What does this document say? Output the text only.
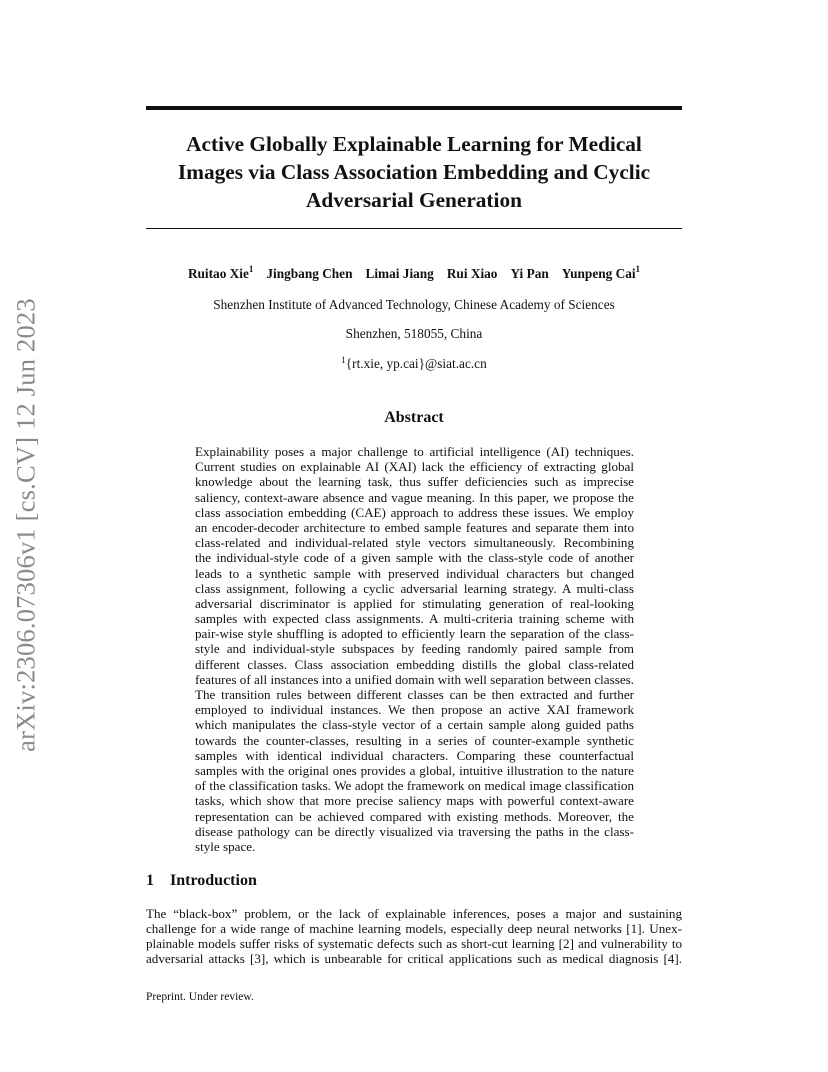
arXiv:2306.07306v1 [cs.CV] 12 Jun 2023
Active Globally Explainable Learning for Medical
Images via Class Association Embedding and Cyclic
Adversarial Generation
Ruitao Xie$^1$ Jingbang Chen Limai Jiang Rui Xiao Yi Pan Yunpeng Cai$^1$
Shenzhen Institute of Advanced Technology, Chinese Academy of Sciences
Shenzhen, 518055, China
$^1${rt.xie, yp.cai}@siat.ac.cn
Abstract
Explainability poses a major challenge to artificial intelligence (AI) techniques.
Current studies on explainable AI (XAI) lack the efficiency of extracting global
knowledge about the learning task, thus suffer deficiencies such as imprecise
saliency, context-aware absence and vague meaning. In this paper, we propose the
class association embedding (CAE) approach to address these issues. We employ
an encoder-decoder architecture to embed sample features and separate them into
class-related and individual-related style vectors simultaneously. Recombining
the individual-style code of a given sample with the class-style code of another
leads to a synthetic sample with preserved individual characters but changed
class assignment, following a cyclic adversarial learning strategy. A multi-class
adversarial discriminator is applied for stimulating generation of real-looking
samples with expected class assignments. A multi-criteria training scheme with
pair-wise style shuffling is adopted to efficiently learn the separation of the class-
style and individual-style subspaces by feeding randomly paired sample from
different classes. Class association embedding distills the global class-related
features of all instances into a unified domain with well separation between classes.
The transition rules between different classes can be then extracted and further
employed to individual instances. We then propose an active XAI framework
which manipulates the class-style vector of a certain sample along guided paths
towards the counter-classes, resulting in a series of counter-example synthetic
samples with identical individual characters. Comparing these counterfactual
samples with the original ones provides a global, intuitive illustration to the nature
of the classification tasks. We adopt the framework on medical image classification
tasks, which show that more precise saliency maps with powerful context-aware
representation can be achieved compared with existing methods. Moreover, the
disease pathology can be directly visualized via traversing the paths in the class-
style space.
1 Introduction
The “black-box” problem, or the lack of explainable inferences, poses a major and sustaining
challenge for a wide range of machine learning models, especially deep neural networks [1]. Unex-
plainable models suffer risks of systematic defects such as short-cut learning [2] and vulnerability to
adversarial attacks [3], which is unbearable for critical applications such as medical diagnosis [4].
Preprint. Under review.
